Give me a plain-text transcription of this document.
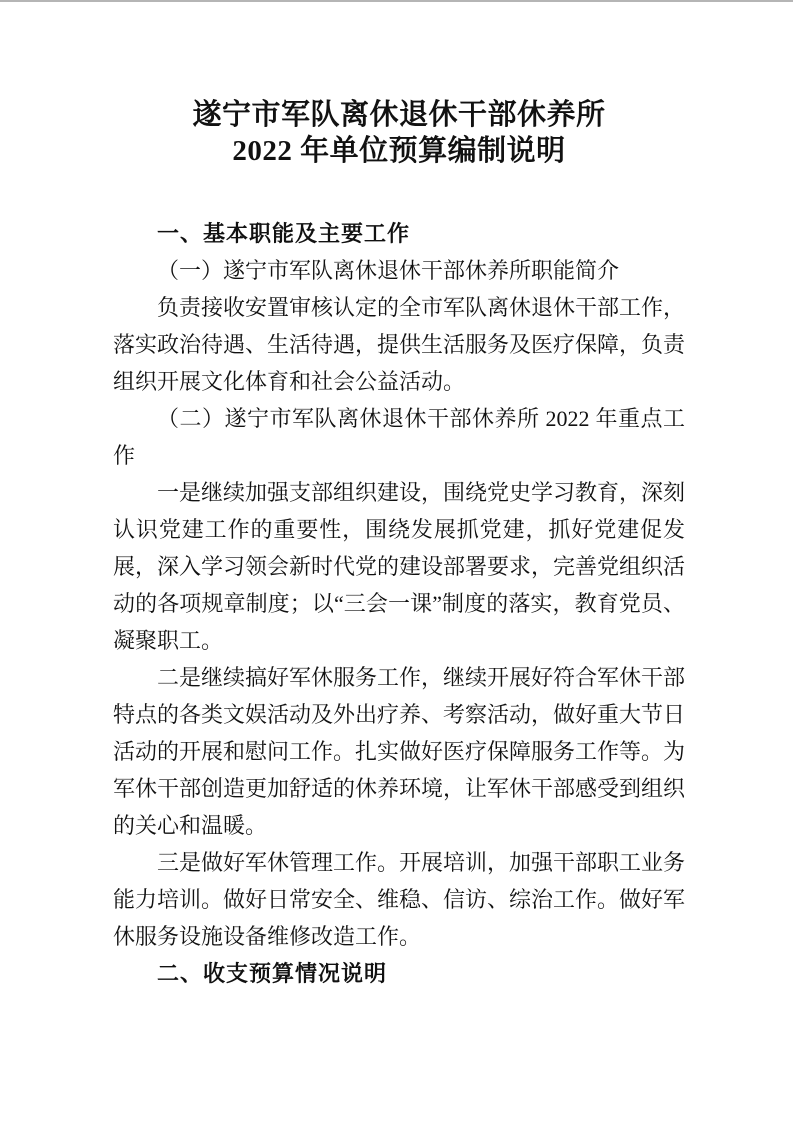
遂宁市军队离休退休干部休养所
2022 年单位预算编制说明

一、基本职能及主要工作

（一）遂宁市军队离休退休干部休养所职能简介

负责接收安置审核认定的全市军队离休退休干部工作，落实政治待遇、生活待遇，提供生活服务及医疗保障，负责组织开展文化体育和社会公益活动。

（二）遂宁市军队离休退休干部休养所 2022 年重点工作

一是继续加强支部组织建设，围绕党史学习教育，深刻认识党建工作的重要性，围绕发展抓党建，抓好党建促发展，深入学习领会新时代党的建设部署要求，完善党组织活动的各项规章制度；以“三会一课”制度的落实，教育党员、凝聚职工。

二是继续搞好军休服务工作，继续开展好符合军休干部特点的各类文娱活动及外出疗养、考察活动，做好重大节日活动的开展和慰问工作。扎实做好医疗保障服务工作等。为军休干部创造更加舒适的休养环境，让军休干部感受到组织的关心和温暖。

三是做好军休管理工作。开展培训，加强干部职工业务能力培训。做好日常安全、维稳、信访、综治工作。做好军休服务设施设备维修改造工作。

二、收支预算情况说明
